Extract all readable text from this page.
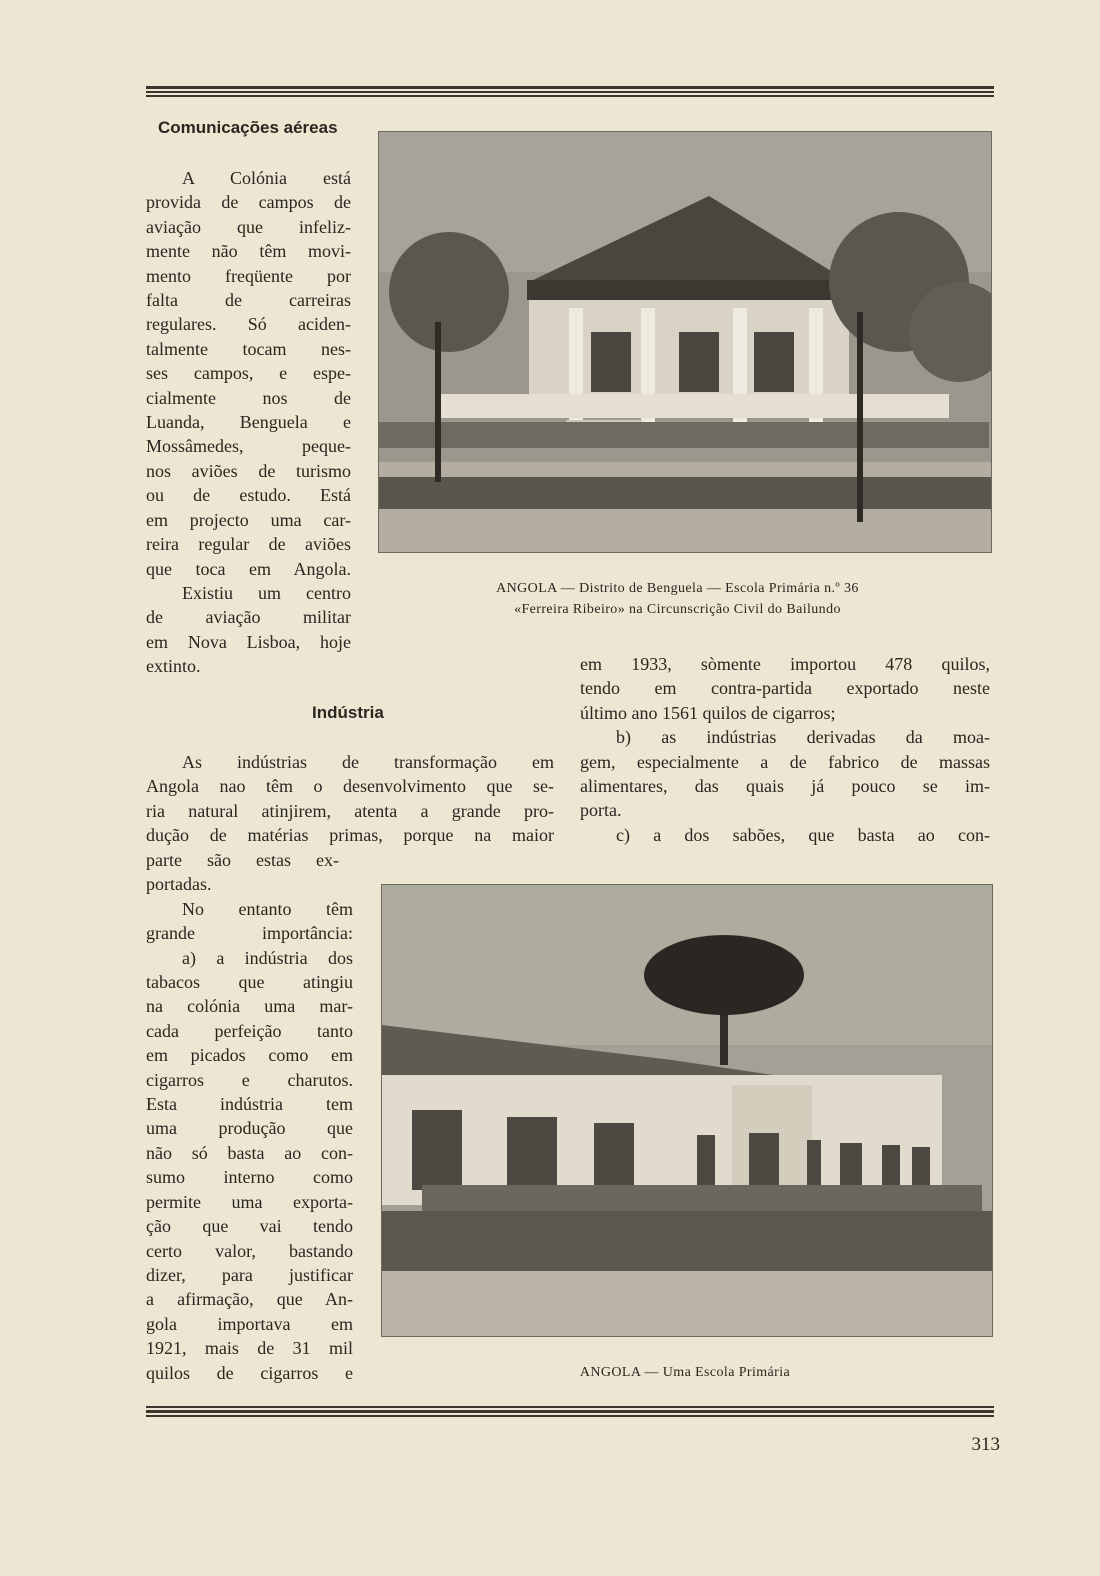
Comunicações aéreas

A Colónia está

provida de campos de

aviação que infeliz-

mente não têm movi-

mento freqüente por

falta de carreiras

regulares. Só aciden-

talmente tocam nes-

ses campos, e espe-

cialmente nos de

Luanda, Benguela e

Mossâmedes, peque-

nos aviões de turismo

ou de estudo. Está

em projecto uma car-

reira regular de aviões

que toca em Angola.

Existiu um centro

de aviação militar

em Nova Lisboa, hoje

extinto.

ANGOLA — Distrito de Benguela — Escola Primária n.º 36
«Ferreira Ribeiro» na Circunscrição Civil do Bailundo

em 1933, sòmente importou 478 quilos,

tendo em contra-partida exportado neste

último ano 1561 quilos de cigarros;

b) as indústrias derivadas da moa-

gem, especialmente a de fabrico de massas

alimentares, das quais já pouco se im-

porta.

c) a dos sabões, que basta ao con-

Indústria

As indústrias de transformação em

Angola nao têm o desenvolvimento que se-

ria natural atinjirem, atenta a grande pro-

dução de matérias primas, porque na maior

parte são estas ex-

portadas.

No entanto têm

grande importância:

a) a indústria dos

tabacos que atingiu

na colónia uma mar-

cada perfeição tanto

em picados como em

cigarros e charutos.

Esta indústria tem

uma produção que

não só basta ao con-

sumo interno como

permite uma exporta-

ção que vai tendo

certo valor, bastando

dizer, para justificar

a afirmação, que An-

gola importava em

1921, mais de 31 mil

quilos de cigarros e	ANGOLA — Uma Escola Primária
313
